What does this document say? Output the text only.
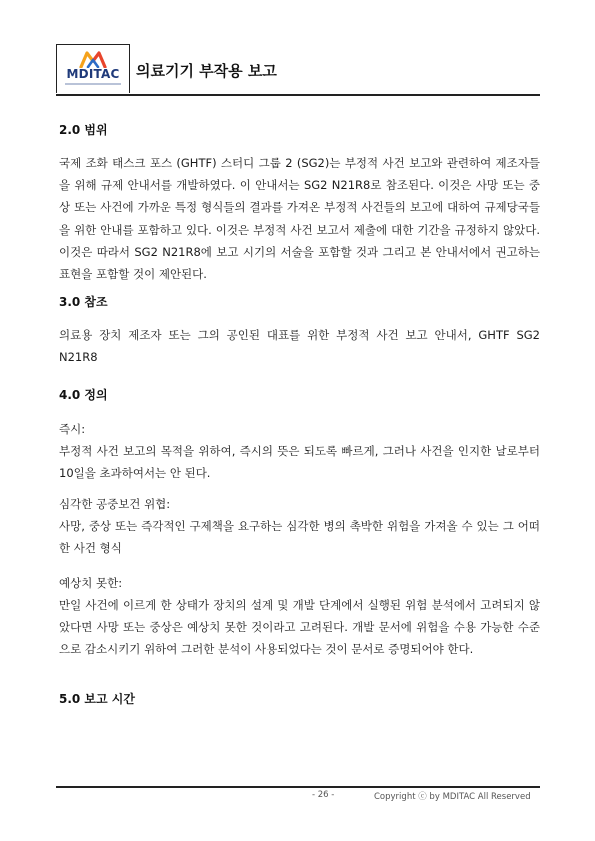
MDITAC	의료기기 부작용 보고
2.0 범위
국제 조화 태스크 포스 (GHTF) 스터디 그룹 2 (SG2)는 부정적 사건 보고와 관련하여 제조자들을 위해 규제 안내서를 개발하였다. 이 안내서는 SG2 N21R8로 참조된다. 이것은 사망 또는 중상 또는 사건에 가까운 특정 형식들의 결과를 가져온 부정적 사건들의 보고에 대하여 규제당국들을 위한 안내를 포함하고 있다. 이것은 부정적 사건 보고서 제출에 대한 기간을 규정하지 않았다. 이것은 따라서 SG2 N21R8에 보고 시기의 서술을 포함할 것과 그리고 본 안내서에서 권고하는 표현을 포함할 것이 제안된다.
3.0 참조
의료용 장치 제조자 또는 그의 공인된 대표를 위한 부정적 사건 보고 안내서, GHTF SG2 N21R8
4.0 정의
즉시:
부정적 사건 보고의 목적을 위하여, 즉시의 뜻은 되도록 빠르게, 그러나 사건을 인지한 날로부터 10일을 초과하여서는 안 된다.
심각한 공중보건 위협:
사망, 중상 또는 즉각적인 구제책을 요구하는 심각한 병의 촉박한 위험을 가져올 수 있는 그 어떠한 사건 형식
예상치 못한:
만일 사건에 이르게 한 상태가 장치의 설계 및 개발 단계에서 실행된 위험 분석에서 고려되지 않았다면 사망 또는 중상은 예상치 못한 것이라고 고려된다. 개발 문서에 위험을 수용 가능한 수준으로 감소시키기 위하여 그러한 분석이 사용되었다는 것이 문서로 증명되어야 한다.
5.0 보고 시간
- 26 -	Copyright ⓒ by MDITAC All Reserved
